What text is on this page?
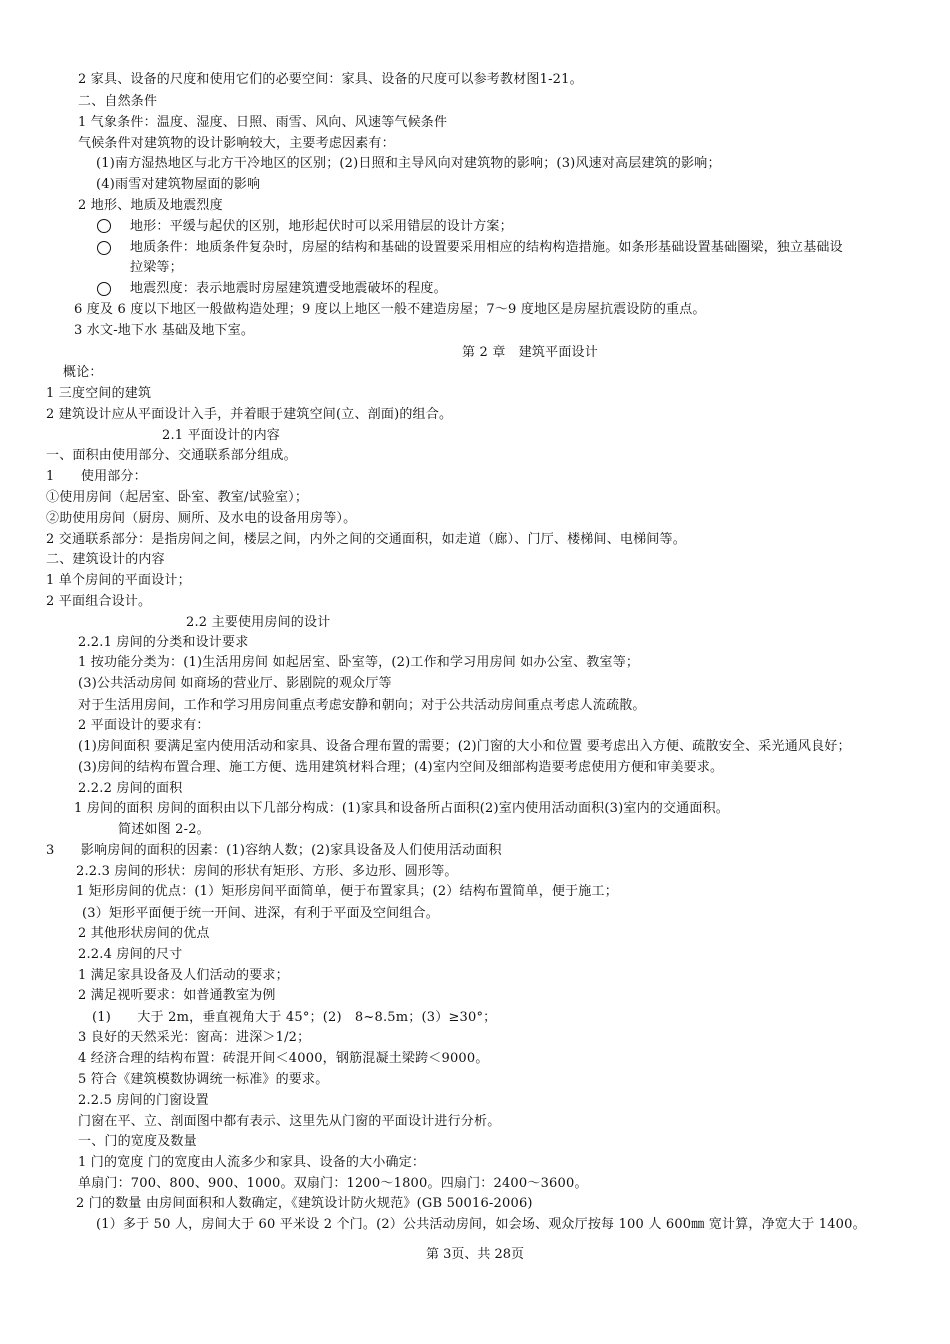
2 家具、设备的尺度和使用它们的必要空间：家具、设备的尺度可以参考教材图1-21。
二、自然条件
1 气象条件：温度、湿度、日照、雨雪、风向、风速等气候条件
气候条件对建筑物的设计影响较大，主要考虑因素有：
(1)南方湿热地区与北方干冷地区的区别；(2)日照和主导风向对建筑物的影响；(3)风速对高层建筑的影响；
(4)雨雪对建筑物屋面的影响
2 地形、地质及地震烈度
地形：平缓与起伏的区别，地形起伏时可以采用错层的设计方案；
地质条件：地质条件复杂时，房屋的结构和基础的设置要采用相应的结构构造措施。如条形基础设置基础圈梁，独立基础设
拉梁等；
地震烈度：表示地震时房屋建筑遭受地震破坏的程度。
6 度及 6 度以下地区一般做构造处理；9 度以上地区一般不建造房屋；7～9 度地区是房屋抗震设防的重点。
3 水文-地下水 基础及地下室。
第 2 章　建筑平面设计
概论：
1 三度空间的建筑
2 建筑设计应从平面设计入手，并着眼于建筑空间(立、剖面)的组合。
2.1 平面设计的内容
一、面积由使用部分、交通联系部分组成。
1　　使用部分：
①使用房间（起居室、卧室、教室/试验室）；
②助使用房间（厨房、厕所、及水电的设备用房等）。
2 交通联系部分：是指房间之间，楼层之间，内外之间的交通面积，如走道（廊）、门厅、楼梯间、电梯间等。
二、建筑设计的内容
1 单个房间的平面设计；
2 平面组合设计。
2.2 主要使用房间的设计
2.2.1 房间的分类和设计要求
1 按功能分类为：(1)生活用房间 如起居室、卧室等，(2)工作和学习用房间 如办公室、教室等；
(3)公共活动房间 如商场的营业厅、影剧院的观众厅等
对于生活用房间，工作和学习用房间重点考虑安静和朝向；对于公共活动房间重点考虑人流疏散。
2 平面设计的要求有：
(1)房间面积 要满足室内使用活动和家具、设备合理布置的需要；(2)门窗的大小和位置 要考虑出入方便、疏散安全、采光通风良好；
(3)房间的结构布置合理、施工方便、选用建筑材料合理；(4)室内空间及细部构造要考虑使用方便和审美要求。
2.2.2 房间的面积
1 房间的面积 房间的面积由以下几部分构成：(1)家具和设备所占面积(2)室内使用活动面积(3)室内的交通面积。
简述如图 2-2。
3　　影响房间的面积的因素：(1)容纳人数；(2)家具设备及人们使用活动面积
2.2.3 房间的形状：房间的形状有矩形、方形、多边形、圆形等。
1 矩形房间的优点：(1）矩形房间平面简单，便于布置家具；(2）结构布置简单，便于施工；
(3）矩形平面便于统一开间、进深，有利于平面及空间组合。
2 其他形状房间的优点
2.2.4 房间的尺寸
1 满足家具设备及人们活动的要求；
2 满足视听要求：如普通教室为例
(1)　　大于 2m，垂直视角大于 45°；(2)　8~8.5m；(3）≥30°；
3 良好的天然采光：窗高：进深＞1/2；
4 经济合理的结构布置：砖混开间＜4000，钢筋混凝土梁跨＜9000。
5 符合《建筑模数协调统一标准》的要求。
2.2.5 房间的门窗设置
门窗在平、立、剖面图中都有表示、这里先从门窗的平面设计进行分析。
一、门的宽度及数量
1 门的宽度 门的宽度由人流多少和家具、设备的大小确定：
单扇门：700、800、900、1000。双扇门：1200～1800。四扇门：2400～3600。
2 门的数量 由房间面积和人数确定，《建筑设计防火规范》(GB 50016-2006)
(1）多于 50 人，房间大于 60 平米设 2 个门。(2）公共活动房间，如会场、观众厅按每 100 人 600㎜ 宽计算，净宽大于 1400。
第 3页、共 28页
